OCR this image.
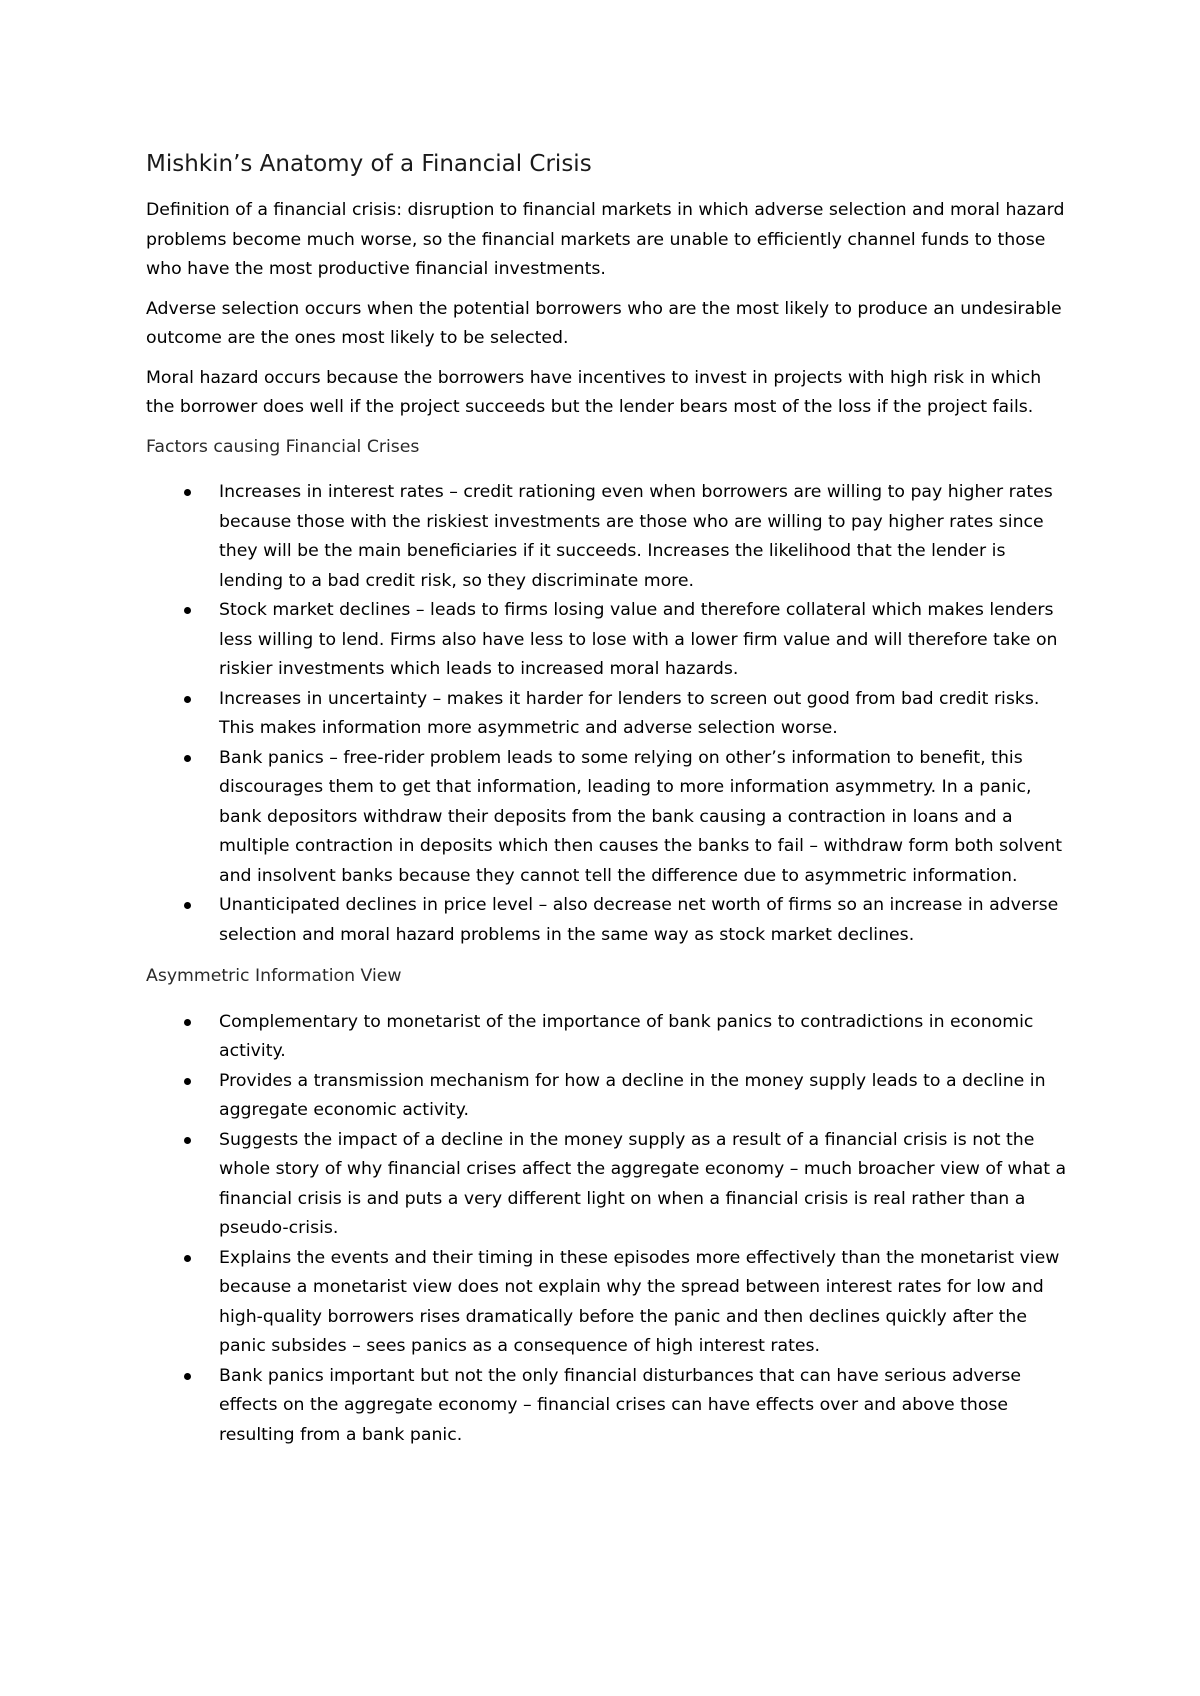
Mishkin’s Anatomy of a Financial Crisis

Definition of a financial crisis: disruption to financial markets in which adverse selection and moral hazard problems become much worse, so the financial markets are unable to efficiently channel funds to those who have the most productive financial investments.

Adverse selection occurs when the potential borrowers who are the most likely to produce an undesirable outcome are the ones most likely to be selected.

Moral hazard occurs because the borrowers have incentives to invest in projects with high risk in which the borrower does well if the project succeeds but the lender bears most of the loss if the project fails.

Factors causing Financial Crises
Increases in interest rates – credit rationing even when borrowers are willing to pay higher rates because those with the riskiest investments are those who are willing to pay higher rates since they will be the main beneficiaries if it succeeds. Increases the likelihood that the lender is lending to a bad credit risk, so they discriminate more.
Stock market declines – leads to firms losing value and therefore collateral which makes lenders less willing to lend. Firms also have less to lose with a lower firm value and will therefore take on riskier investments which leads to increased moral hazards.
Increases in uncertainty – makes it harder for lenders to screen out good from bad credit risks. This makes information more asymmetric and adverse selection worse.
Bank panics – free-rider problem leads to some relying on other’s information to benefit, this discourages them to get that information, leading to more information asymmetry. In a panic, bank depositors withdraw their deposits from the bank causing a contraction in loans and a multiple contraction in deposits which then causes the banks to fail – withdraw form both solvent and insolvent banks because they cannot tell the difference due to asymmetric information.
Unanticipated declines in price level – also decrease net worth of firms so an increase in adverse selection and moral hazard problems in the same way as stock market declines.
Asymmetric Information View
Complementary to monetarist of the importance of bank panics to contradictions in economic activity.
Provides a transmission mechanism for how a decline in the money supply leads to a decline in aggregate economic activity.
Suggests the impact of a decline in the money supply as a result of a financial crisis is not the whole story of why financial crises affect the aggregate economy – much broacher view of what a financial crisis is and puts a very different light on when a financial crisis is real rather than a pseudo-crisis.
Explains the events and their timing in these episodes more effectively than the monetarist view because a monetarist view does not explain why the spread between interest rates for low and high-quality borrowers rises dramatically before the panic and then declines quickly after the panic subsides – sees panics as a consequence of high interest rates.
Bank panics important but not the only financial disturbances that can have serious adverse effects on the aggregate economy – financial crises can have effects over and above those resulting from a bank panic.
